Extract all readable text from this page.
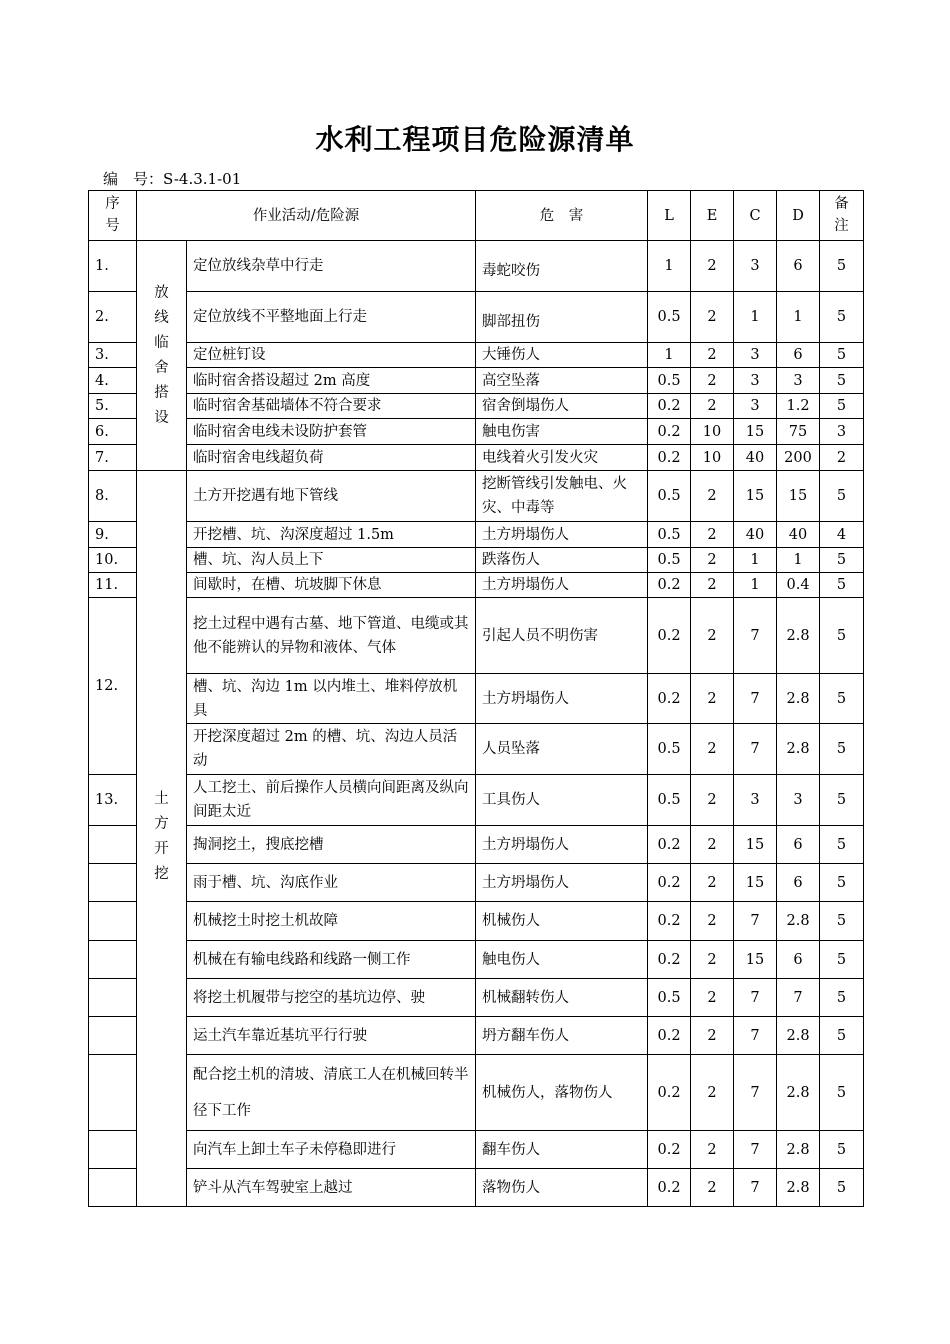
水利工程项目危险源清单
编　号：S-4.3.1-01
序号	作业活动/危险源		危　害	L	E	C	D	备注
1.	放线临舍搭设	定位放线杂草中行走	毒蛇咬伤	1	2	3	6	5
2.		定位放线不平整地面上行走	脚部扭伤	0.5	2	1	1	5
3.		定位桩钉设	大锤伤人	1	2	3	6	5
4.		临时宿舍搭设超过 2m 高度	高空坠落	0.5	2	3	3	5
5.		临时宿舍基础墙体不符合要求	宿舍倒塌伤人	0.2	2	3	1.2	5
6.		临时宿舍电线未设防护套管	触电伤害	0.2	10	15	75	3
7.		临时宿舍电线超负荷	电线着火引发火灾	0.2	10	40	200	2
8.	土方开挖	土方开挖遇有地下管线	挖断管线引发触电、火灾、中毒等	0.5	2	15	15	5
9.		开挖槽、坑、沟深度超过 1.5m	土方坍塌伤人	0.5	2	40	40	4
10.		槽、坑、沟人员上下	跌落伤人	0.5	2	1	1	5
11.		间歇时，在槽、坑坡脚下休息	土方坍塌伤人	0.2	2	1	0.4	5
12.		挖土过程中遇有古墓、地下管道、电缆或其他不能辨认的异物和液体、气体	引起人员不明伤害	0.2	2	7	2.8	5
		槽、坑、沟边 1m 以内堆土、堆料停放机具	土方坍塌伤人	0.2	2	7	2.8	5
		开挖深度超过 2m 的槽、坑、沟边人员活动	人员坠落	0.5	2	7	2.8	5
13.		人工挖土、前后操作人员横向间距离及纵向间距太近	工具伤人	0.5	2	3	3	5
		掏洞挖土，搜底挖槽	土方坍塌伤人	0.2	2	15	6	5
		雨于槽、坑、沟底作业	土方坍塌伤人	0.2	2	15	6	5
		机械挖土时挖土机故障	机械伤人	0.2	2	7	2.8	5
		机械在有输电线路和线路一侧工作	触电伤人	0.2	2	15	6	5
		将挖土机履带与挖空的基坑边停、驶	机械翻转伤人	0.5	2	7	7	5
		运土汽车靠近基坑平行行驶	坍方翻车伤人	0.2	2	7	2.8	5
		配合挖土机的清坡、清底工人在机械回转半径下工作	机械伤人，落物伤人	0.2	2	7	2.8	5
		向汽车上卸土车子未停稳即进行	翻车伤人	0.2	2	7	2.8	5
		铲斗从汽车驾驶室上越过	落物伤人	0.2	2	7	2.8	5
